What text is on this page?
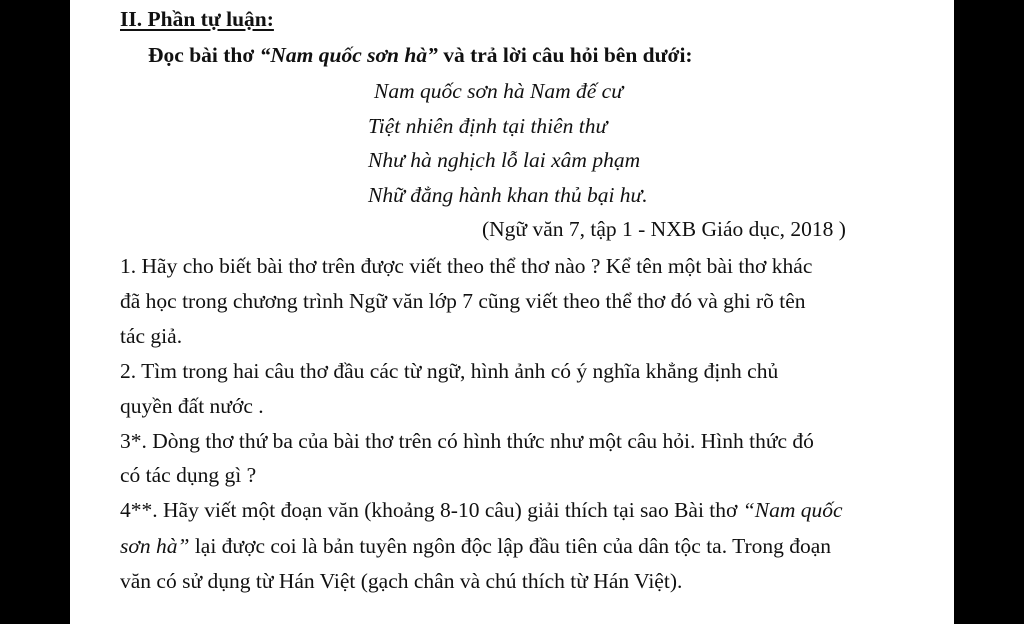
II. Phần tự luận:
Đọc bài thơ “Nam quốc sơn hà” và trả lời câu hỏi bên dưới:
Nam quốc sơn hà Nam đế cư
Tiệt nhiên định tại thiên thư
Như hà nghịch lỗ lai xâm phạm
Nhữ đẳng hành khan thủ bại hư.
(Ngữ văn 7, tập 1 - NXB Giáo dục, 2018 )
1. Hãy cho biết bài thơ trên được viết theo thể thơ nào ? Kể tên một bài thơ khác
đã học trong chương trình Ngữ văn lớp 7 cũng viết theo thể thơ đó và ghi rõ tên
tác giả.
2. Tìm trong hai câu thơ đầu các từ ngữ, hình ảnh có ý nghĩa khẳng định chủ
quyền đất nước .
3*. Dòng thơ thứ ba của bài thơ trên có hình thức như một câu hỏi. Hình thức đó
có tác dụng gì ?
4**. Hãy viết một đoạn văn (khoảng 8-10 câu) giải thích tại sao Bài thơ “Nam quốc
sơn hà” lại được coi là bản tuyên ngôn độc lập đầu tiên của dân tộc ta. Trong đoạn
văn có sử dụng từ Hán Việt (gạch chân và chú thích từ Hán Việt).
